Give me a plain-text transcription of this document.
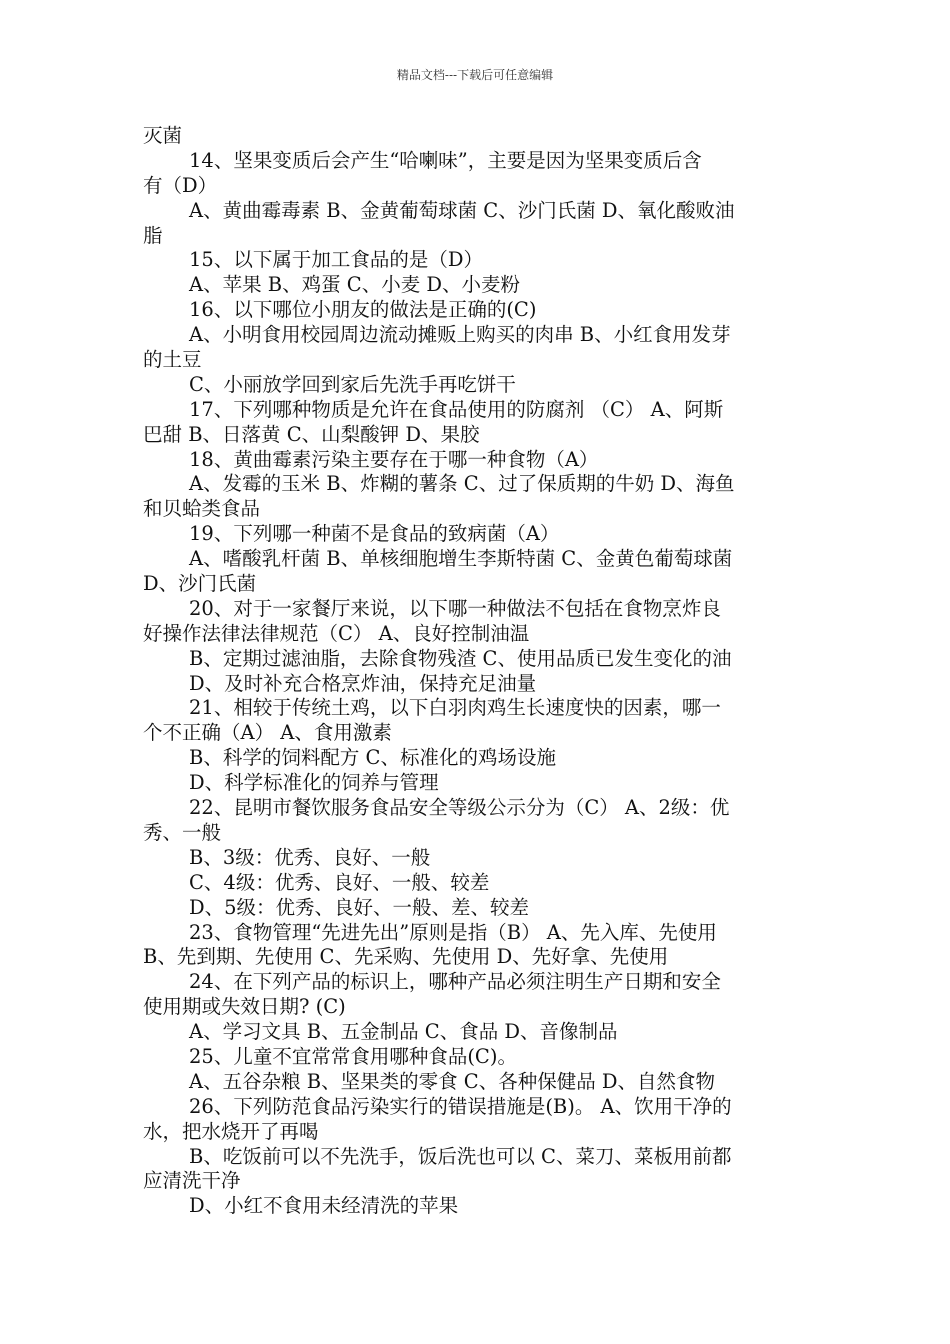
精品文档---下载后可任意编辑
灭菌
14、坚果变质后会产生“哈喇味”，主要是因为坚果变质后含
有（D）
A、黄曲霉毒素 B、金黄葡萄球菌 C、沙门氏菌 D、氧化酸败油
脂
15、以下属于加工食品的是（D）
A、苹果 B、鸡蛋 C、小麦 D、小麦粉
16、以下哪位小朋友的做法是正确的(C)
A、小明食用校园周边流动摊贩上购买的肉串 B、小红食用发芽
的土豆
C、小丽放学回到家后先洗手再吃饼干
17、下列哪种物质是允许在食品使用的防腐剂 （C） A、阿斯
巴甜 B、日落黄 C、山梨酸钾 D、果胶
18、黄曲霉素污染主要存在于哪一种食物（A）
A、发霉的玉米 B、炸糊的薯条 C、过了保质期的牛奶 D、海鱼
和贝蛤类食品
19、下列哪一种菌不是食品的致病菌（A）
A、嗜酸乳杆菌 B、单核细胞增生李斯特菌 C、金黄色葡萄球菌
D、沙门氏菌
20、对于一家餐厅来说，以下哪一种做法不包括在食物烹炸良
好操作法律法律规范（C） A、良好控制油温
B、定期过滤油脂，去除食物残渣 C、使用品质已发生变化的油
D、及时补充合格烹炸油，保持充足油量
21、相较于传统土鸡，以下白羽肉鸡生长速度快的因素，哪一
个不正确（A） A、食用激素
B、科学的饲料配方 C、标准化的鸡场设施
D、科学标准化的饲养与管理
22、昆明市餐饮服务食品安全等级公示分为（C） A、2级：优
秀、一般
B、3级：优秀、良好、一般
C、4级：优秀、良好、一般、较差
D、5级：优秀、良好、一般、差、较差
23、食物管理“先进先出”原则是指（B） A、先入库、先使用
B、先到期、先使用 C、先采购、先使用 D、先好拿、先使用
24、在下列产品的标识上，哪种产品必须注明生产日期和安全
使用期或失效日期? (C)
A、学习文具 B、五金制品 C、食品 D、音像制品
25、儿童不宜常常食用哪种食品(C)。
A、五谷杂粮 B、坚果类的零食 C、各种保健品 D、自然食物
26、下列防范食品污染实行的错误措施是(B)。 A、饮用干净的
水，把水烧开了再喝
B、吃饭前可以不先洗手，饭后洗也可以 C、菜刀、菜板用前都
应清洗干净
D、小红不食用未经清洗的苹果
